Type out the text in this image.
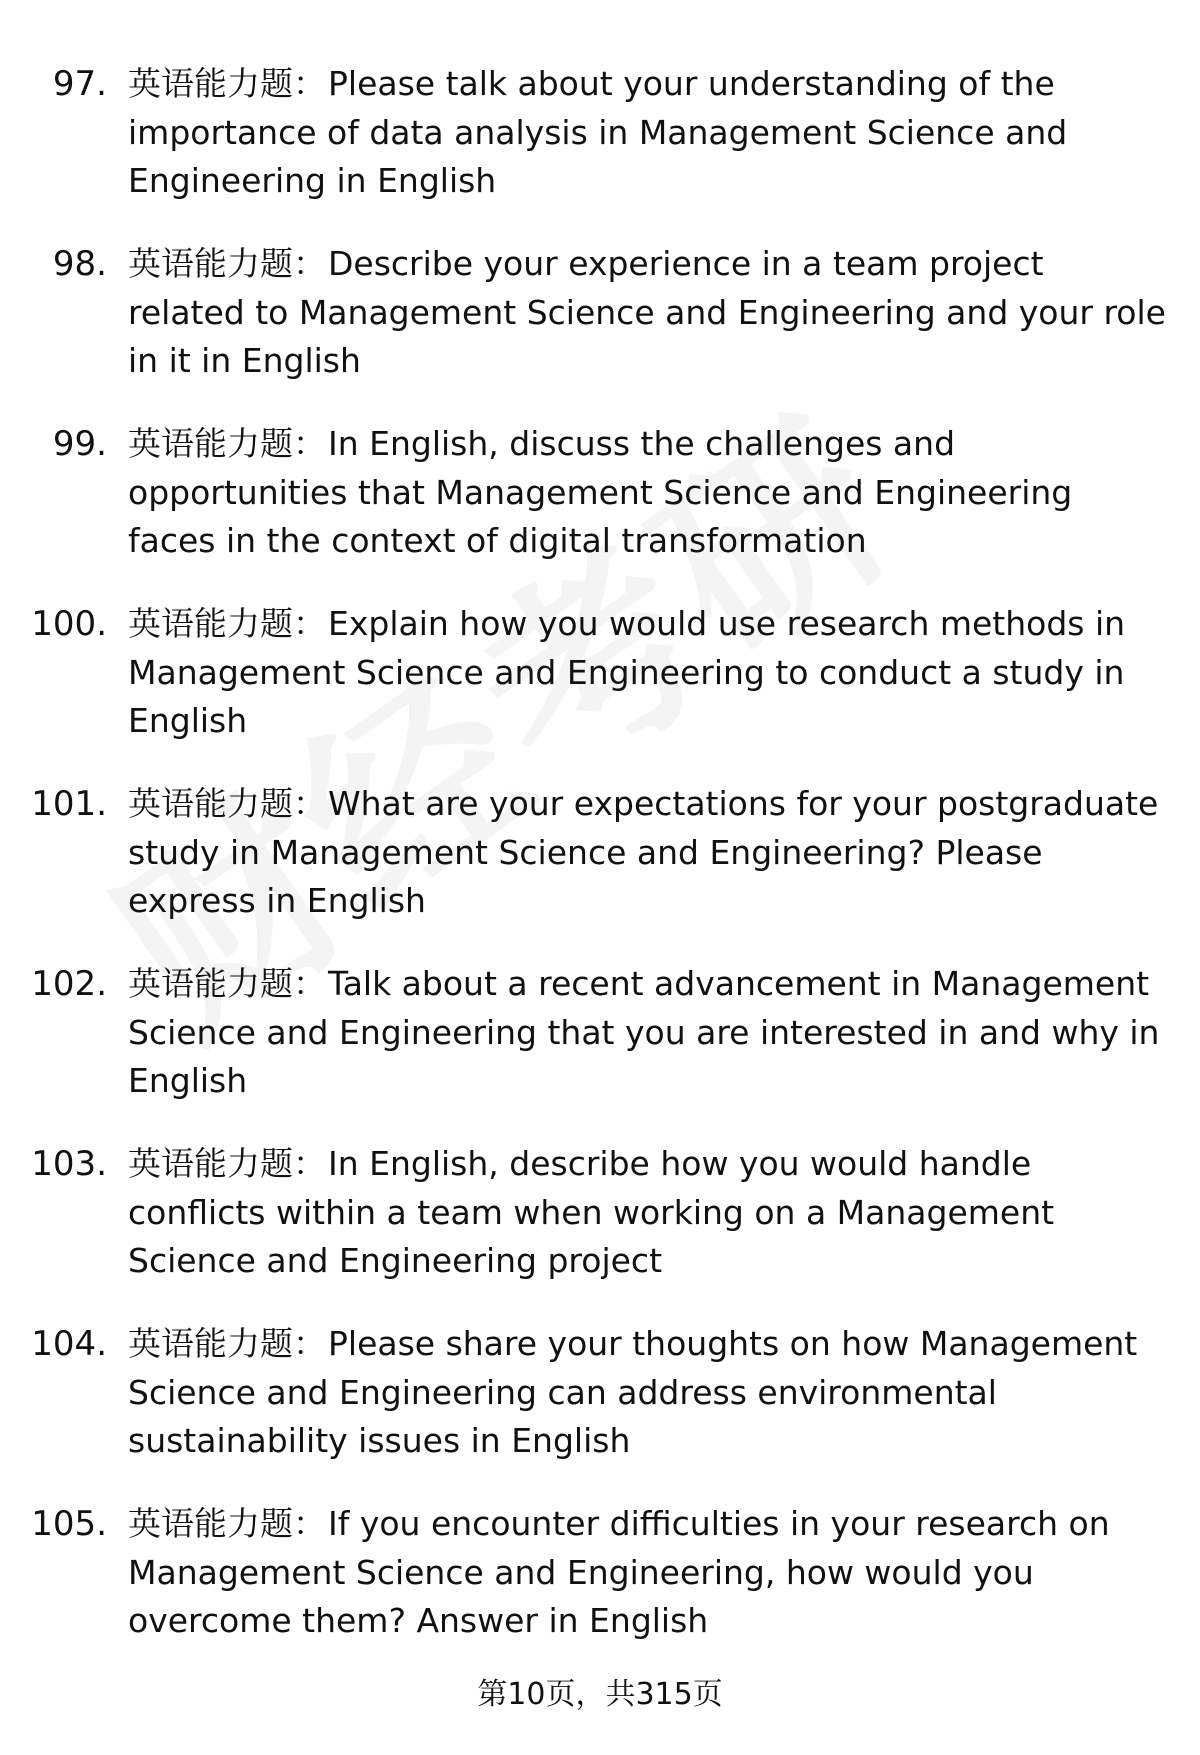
97. 英语能力题：Please talk about your understanding of the importance of data analysis in Management Science and Engineering in English
98. 英语能力题：Describe your experience in a team project related to Management Science and Engineering and your role in it in English
99. 英语能力题：In English, discuss the challenges and opportunities that Management Science and Engineering faces in the context of digital transformation
100. 英语能力题：Explain how you would use research methods in Management Science and Engineering to conduct a study in English
101. 英语能力题：What are your expectations for your postgraduate study in Management Science and Engineering? Please express in English
102. 英语能力题：Talk about a recent advancement in Management Science and Engineering that you are interested in and why in English
103. 英语能力题：In English, describe how you would handle conflicts within a team when working on a Management Science and Engineering project
104. 英语能力题：Please share your thoughts on how Management Science and Engineering can address environmental sustainability issues in English
105. 英语能力题：If you encounter difficulties in your research on Management Science and Engineering, how would you overcome them? Answer in English
第10页，共315页
